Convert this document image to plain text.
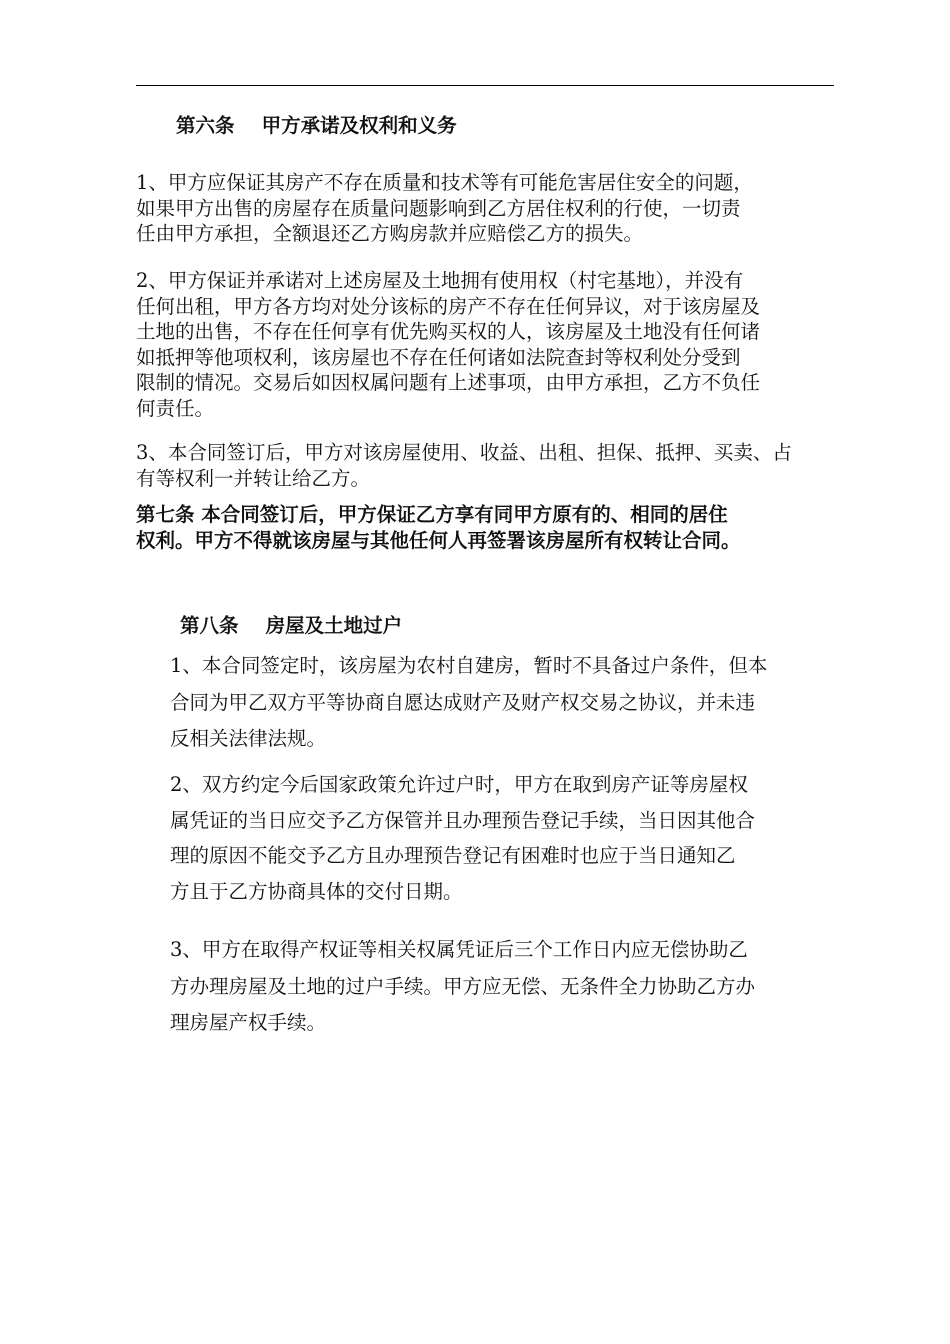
第六条    甲方承诺及权利和义务

1、甲方应保证其房产不存在质量和技术等有可能危害居住安全的问题，
如果甲方出售的房屋存在质量问题影响到乙方居住权利的行使，一切责
任由甲方承担，全额退还乙方购房款并应赔偿乙方的损失。

2、甲方保证并承诺对上述房屋及土地拥有使用权（村宅基地），并没有
任何出租，甲方各方均对处分该标的房产不存在任何异议，对于该房屋及
土地的出售，不存在任何享有优先购买权的人，该房屋及土地没有任何诸
如抵押等他项权利，该房屋也不存在任何诸如法院查封等权利处分受到
限制的情况。交易后如因权属问题有上述事项，由甲方承担，乙方不负任
何责任。

3、本合同签订后，甲方对该房屋使用、收益、出租、担保、抵押、买卖、占
有等权利一并转让给乙方。

第七条 本合同签订后，甲方保证乙方享有同甲方原有的、相同的居住
权利。甲方不得就该房屋与其他任何人再签署该房屋所有权转让合同。

第八条    房屋及土地过户

1、本合同签定时，该房屋为农村自建房，暂时不具备过户条件，但本
合同为甲乙双方平等协商自愿达成财产及财产权交易之协议，并未违
反相关法律法规。

2、双方约定今后国家政策允许过户时，甲方在取到房产证等房屋权
属凭证的当日应交予乙方保管并且办理预告登记手续，当日因其他合
理的原因不能交予乙方且办理预告登记有困难时也应于当日通知乙
方且于乙方协商具体的交付日期。

3、甲方在取得产权证等相关权属凭证后三个工作日内应无偿协助乙
方办理房屋及土地的过户手续。甲方应无偿、无条件全力协助乙方办
理房屋产权手续。
